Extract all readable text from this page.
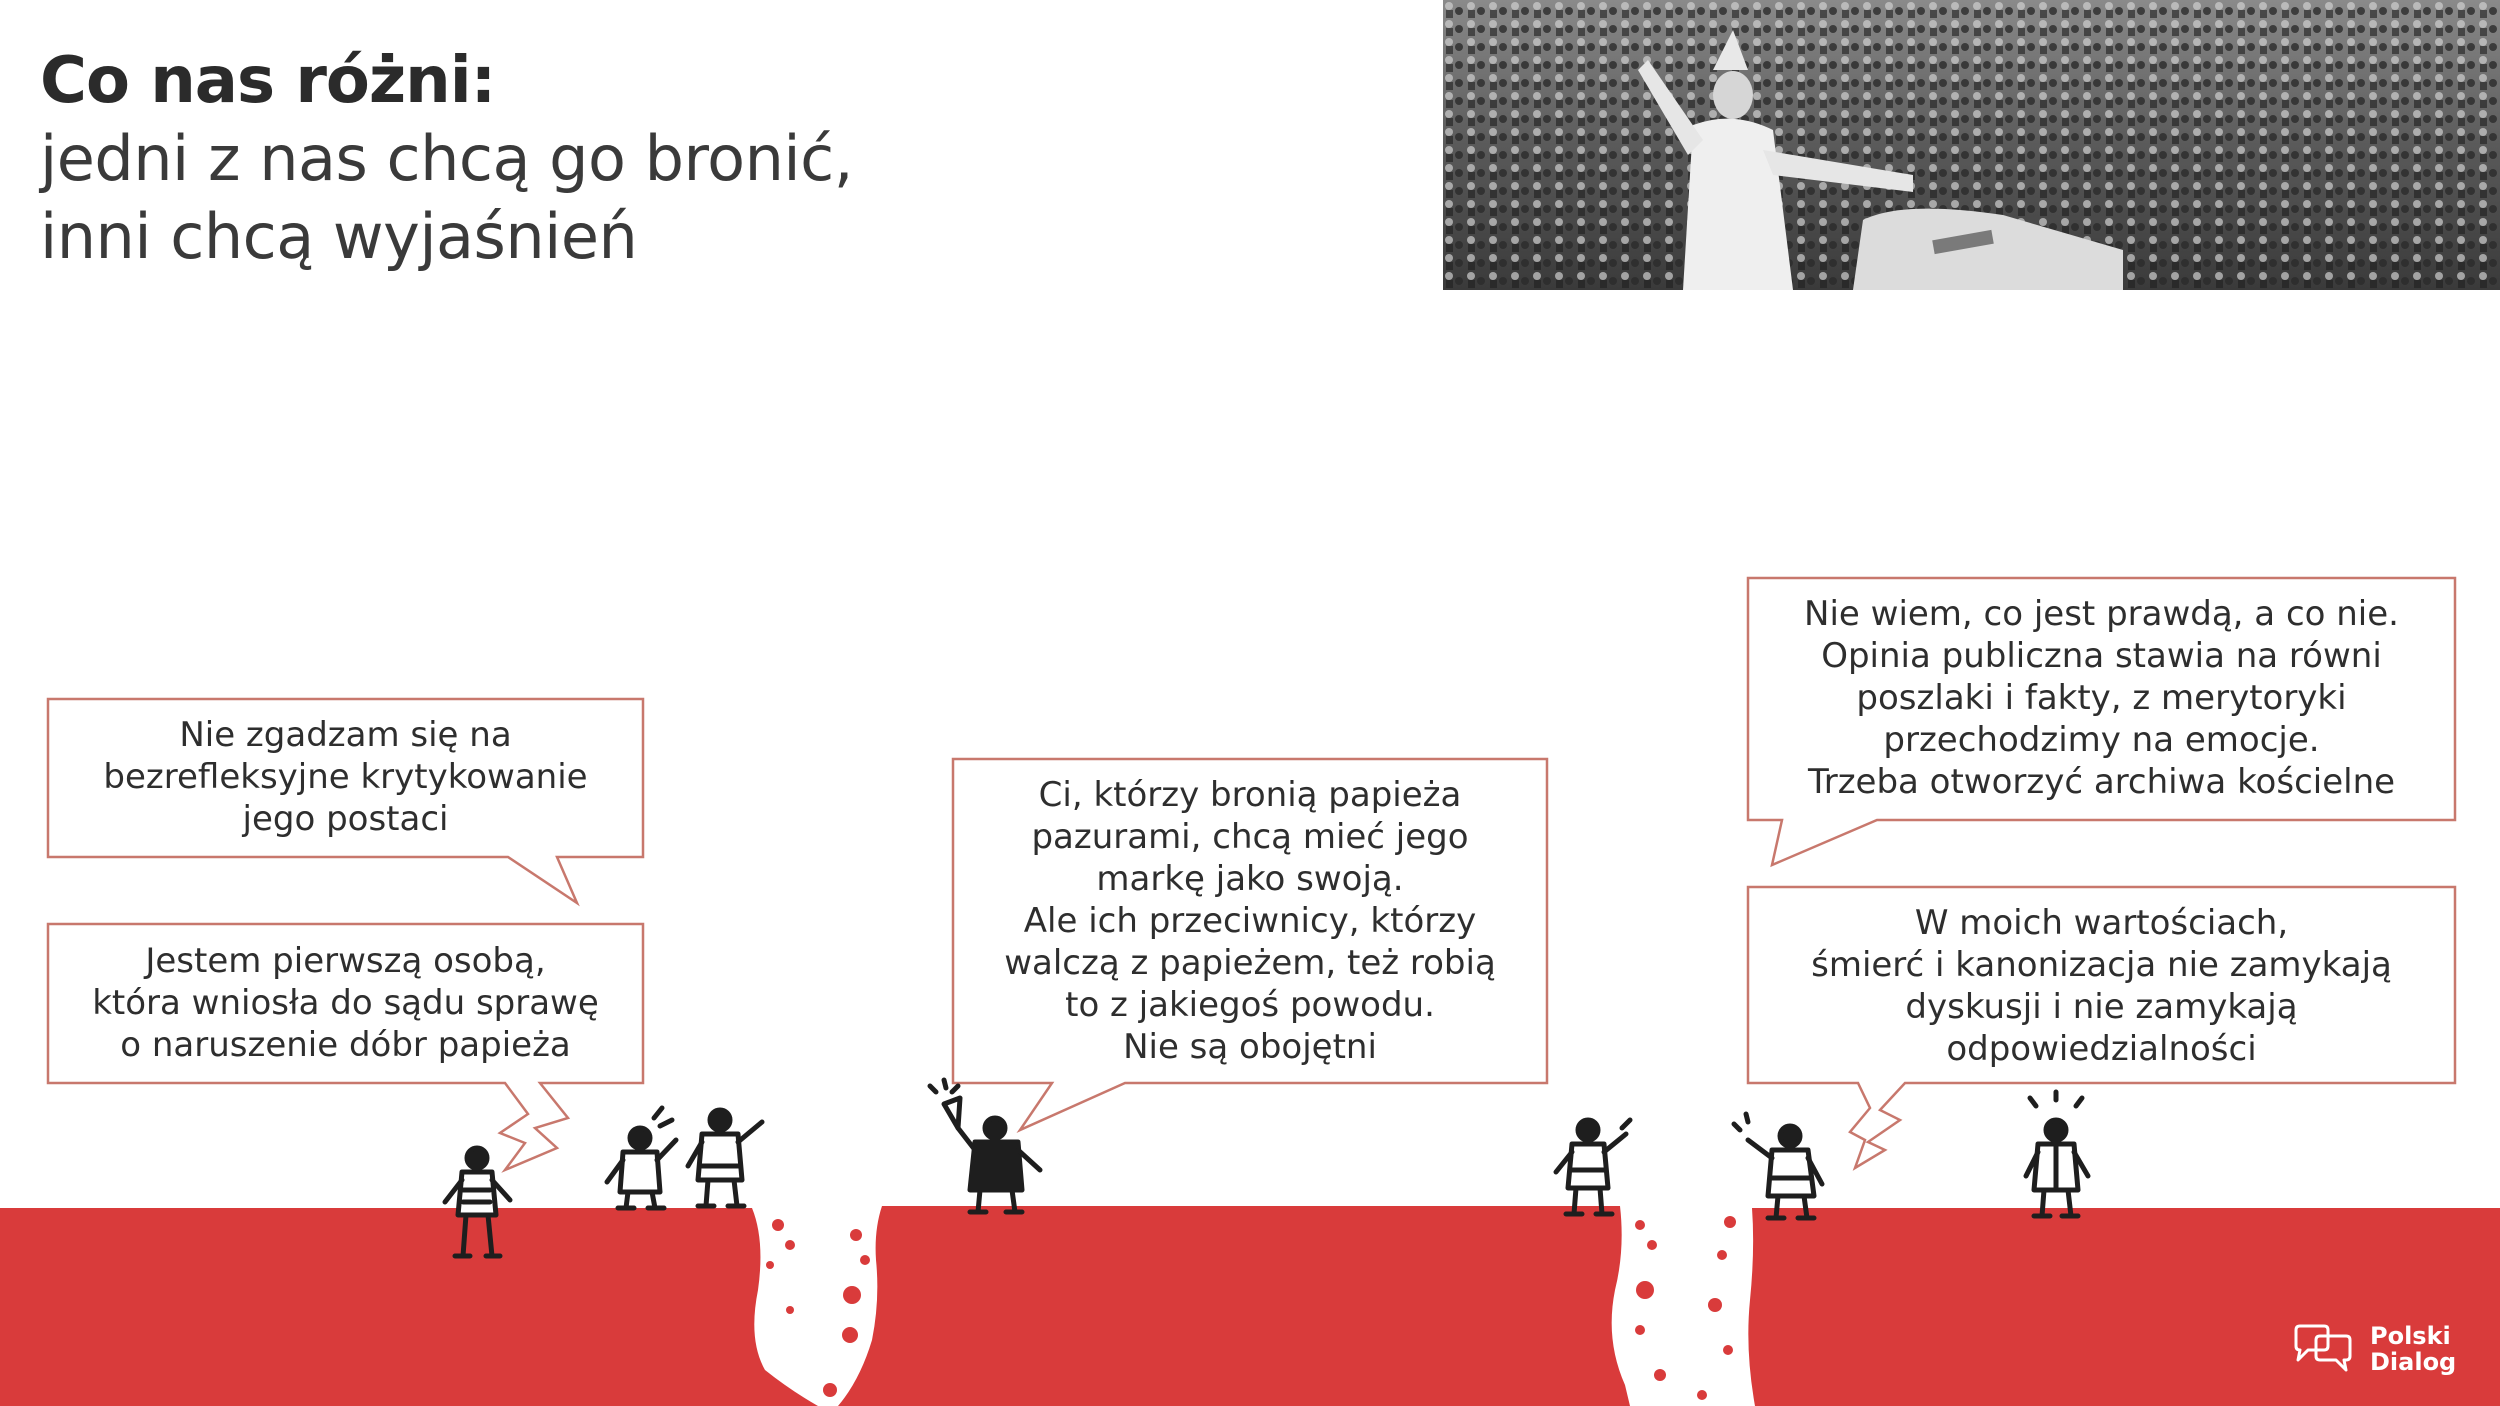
Co nas różni:
jedni z nas chcą go bronić,
inni chcą wyjaśnień
Nie zgadzam się na
bezrefleksyjne krytykowanie
jego postaci
Jestem pierwszą osobą,
która wniosła do sądu sprawę
o naruszenie dóbr papieża
Ci, którzy bronią papieża
pazurami, chcą mieć jego
markę jako swoją.
Ale ich przeciwnicy, którzy
walczą z papieżem, też robią
to z jakiegoś powodu.
Nie są obojętni
Nie wiem, co jest prawdą, a co nie.
Opinia publiczna stawia na równi
poszlaki i fakty, z merytoryki
przechodzimy na emocje.
Trzeba otworzyć archiwa kościelne
W moich wartościach,
śmierć i kanonizacja nie zamykają
dyskusji i nie zamykają
odpowiedzialności
Polski
Dialog
